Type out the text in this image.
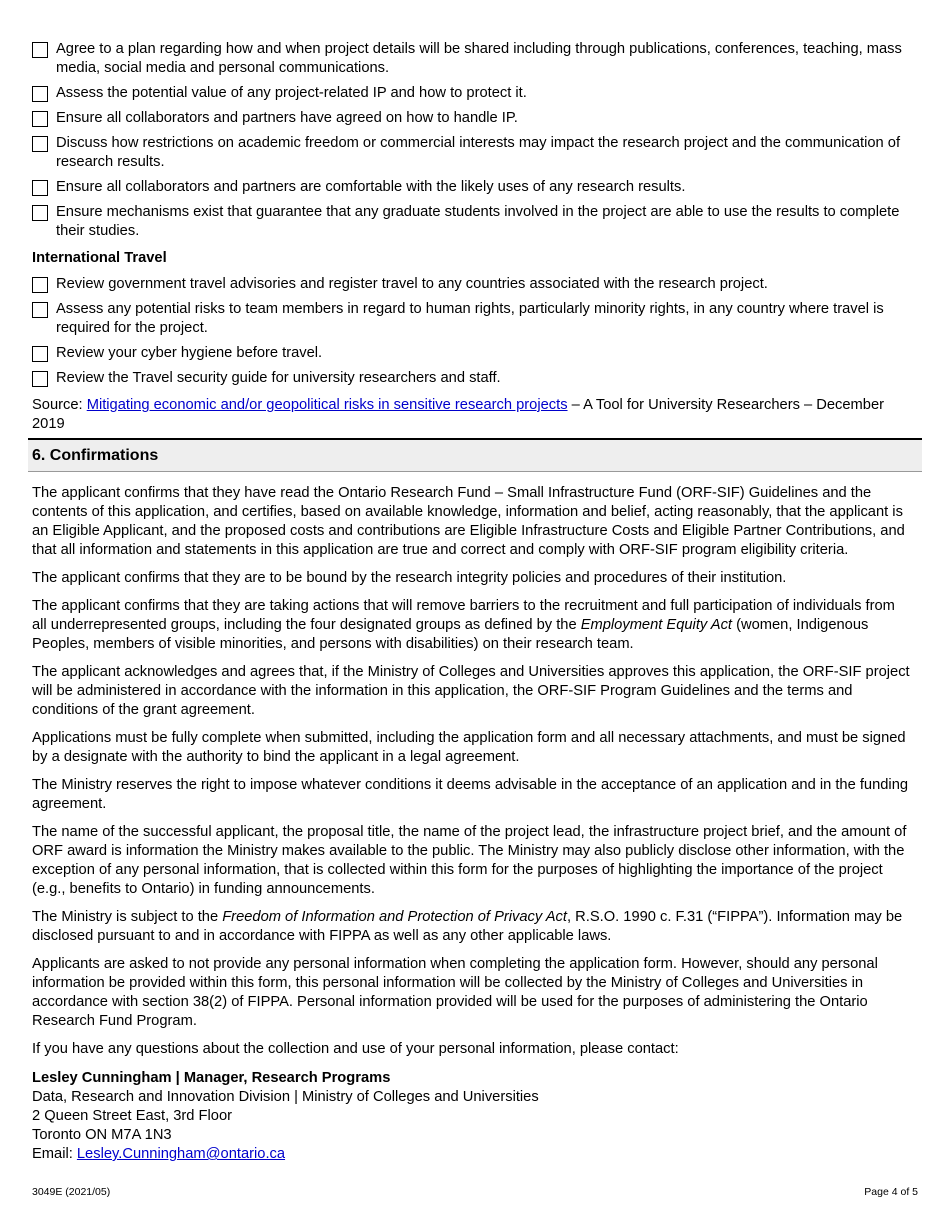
Agree to a plan regarding how and when project details will be shared including through publications, conferences, teaching, mass media, social media and personal communications.
Assess the potential value of any project-related IP and how to protect it.
Ensure all collaborators and partners have agreed on how to handle IP.
Discuss how restrictions on academic freedom or commercial interests may impact the research project and the communication of research results.
Ensure all collaborators and partners are comfortable with the likely uses of any research results.
Ensure mechanisms exist that guarantee that any graduate students involved in the project are able to use the results to complete their studies.
International Travel
Review government travel advisories and register travel to any countries associated with the research project.
Assess any potential risks to team members in regard to human rights, particularly minority rights, in any country where travel is required for the project.
Review your cyber hygiene before travel.
Review the Travel security guide for university researchers and staff.
Source: Mitigating economic and/or geopolitical risks in sensitive research projects – A Tool for University Researchers – December 2019
6. Confirmations
The applicant confirms that they have read the Ontario Research Fund – Small Infrastructure Fund (ORF-SIF) Guidelines and the contents of this application, and certifies, based on available knowledge, information and belief, acting reasonably, that the applicant is an Eligible Applicant, and the proposed costs and contributions are Eligible Infrastructure Costs and Eligible Partner Contributions, and that all information and statements in this application are true and correct and comply with ORF-SIF program eligibility criteria.
The applicant confirms that they are to be bound by the research integrity policies and procedures of their institution.
The applicant confirms that they are taking actions that will remove barriers to the recruitment and full participation of individuals from all underrepresented groups, including the four designated groups as defined by the Employment Equity Act (women, Indigenous Peoples, members of visible minorities, and persons with disabilities) on their research team.
The applicant acknowledges and agrees that, if the Ministry of Colleges and Universities approves this application, the ORF-SIF project will be administered in accordance with the information in this application, the ORF-SIF Program Guidelines and the terms and conditions of the grant agreement.
Applications must be fully complete when submitted, including the application form and all necessary attachments, and must be signed by a designate with the authority to bind the applicant in a legal agreement.
The Ministry reserves the right to impose whatever conditions it deems advisable in the acceptance of an application and in the funding agreement.
The name of the successful applicant, the proposal title, the name of the project lead, the infrastructure project brief, and the amount of ORF award is information the Ministry makes available to the public. The Ministry may also publicly disclose other information, with the exception of any personal information, that is collected within this form for the purposes of highlighting the importance of the project (e.g., benefits to Ontario) in funding announcements.
The Ministry is subject to the Freedom of Information and Protection of Privacy Act, R.S.O. 1990 c. F.31 (“FIPPA”). Information may be disclosed pursuant to and in accordance with FIPPA as well as any other applicable laws.
Applicants are asked to not provide any personal information when completing the application form. However, should any personal information be provided within this form, this personal information will be collected by the Ministry of Colleges and Universities in accordance with section 38(2) of FIPPA. Personal information provided will be used for the purposes of administering the Ontario Research Fund Program.
If you have any questions about the collection and use of your personal information, please contact:
Lesley Cunningham | Manager, Research Programs
Data, Research and Innovation Division | Ministry of Colleges and Universities
2 Queen Street East, 3rd Floor
Toronto ON M7A 1N3
Email: Lesley.Cunningham@ontario.ca
3049E (2021/05)	Page 4 of 5
